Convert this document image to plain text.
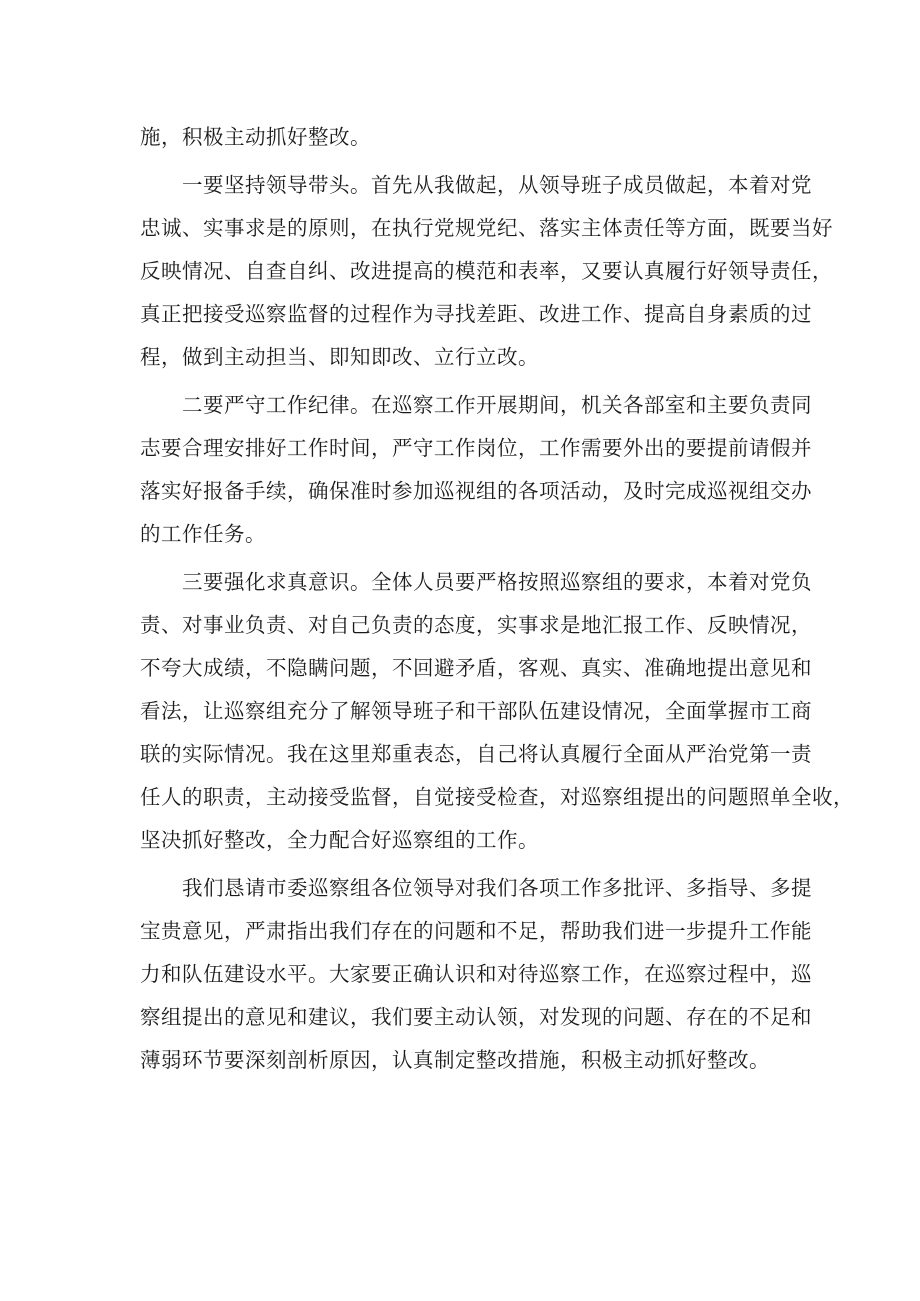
施，积极主动抓好整改。
一要坚持领导带头。首先从我做起，从领导班子成员做起，本着对党
忠诚、实事求是的原则，在执行党规党纪、落实主体责任等方面，既要当好
反映情况、自查自纠、改进提高的模范和表率，又要认真履行好领导责任，
真正把接受巡察监督的过程作为寻找差距、改进工作、提高自身素质的过
程，做到主动担当、即知即改、立行立改。
二要严守工作纪律。在巡察工作开展期间，机关各部室和主要负责同
志要合理安排好工作时间，严守工作岗位，工作需要外出的要提前请假并
落实好报备手续，确保准时参加巡视组的各项活动，及时完成巡视组交办
的工作任务。
三要强化求真意识。全体人员要严格按照巡察组的要求，本着对党负
责、对事业负责、对自己负责的态度，实事求是地汇报工作、反映情况，
不夸大成绩，不隐瞒问题，不回避矛盾，客观、真实、准确地提出意见和
看法，让巡察组充分了解领导班子和干部队伍建设情况，全面掌握市工商
联的实际情况。我在这里郑重表态，自己将认真履行全面从严治党第一责
任人的职责，主动接受监督，自觉接受检查，对巡察组提出的问题照单全收，
坚决抓好整改，全力配合好巡察组的工作。
我们恳请市委巡察组各位领导对我们各项工作多批评、多指导、多提
宝贵意见，严肃指出我们存在的问题和不足，帮助我们进一步提升工作能
力和队伍建设水平。大家要正确认识和对待巡察工作，在巡察过程中，巡
察组提出的意见和建议，我们要主动认领，对发现的问题、存在的不足和
薄弱环节要深刻剖析原因，认真制定整改措施，积极主动抓好整改。
